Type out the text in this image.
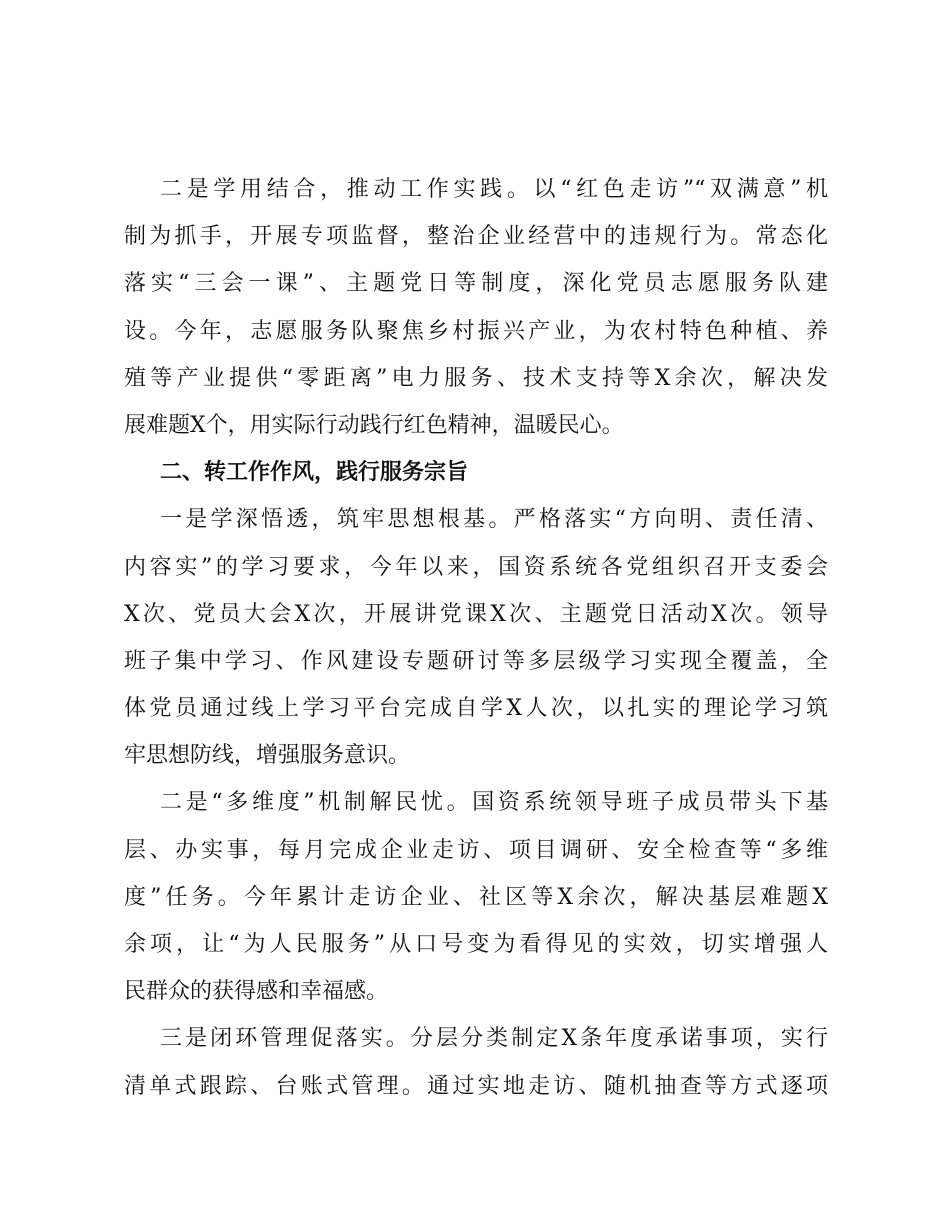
二是学用结合，推动工作实践。以“红色走访”“双满意”机
制为抓手，开展专项监督，整治企业经营中的违规行为。常态化
落实“三会一课”、主题党日等制度，深化党员志愿服务队建
设。今年，志愿服务队聚焦乡村振兴产业，为农村特色种植、养
殖等产业提供“零距离”电力服务、技术支持等X余次，解决发
展难题X个，用实际行动践行红色精神，温暖民心。
二、转工作作风，践行服务宗旨
一是学深悟透，筑牢思想根基。严格落实“方向明、责任清、
内容实”的学习要求，今年以来，国资系统各党组织召开支委会
X次、党员大会X次，开展讲党课X次、主题党日活动X次。领导
班子集中学习、作风建设专题研讨等多层级学习实现全覆盖，全
体党员通过线上学习平台完成自学X人次，以扎实的理论学习筑
牢思想防线，增强服务意识。
二是“多维度”机制解民忧。国资系统领导班子成员带头下基
层、办实事，每月完成企业走访、项目调研、安全检查等“多维
度”任务。今年累计走访企业、社区等X余次，解决基层难题X
余项，让“为人民服务”从口号变为看得见的实效，切实增强人
民群众的获得感和幸福感。
三是闭环管理促落实。分层分类制定X条年度承诺事项，实行
清单式跟踪、台账式管理。通过实地走访、随机抽查等方式逐项
